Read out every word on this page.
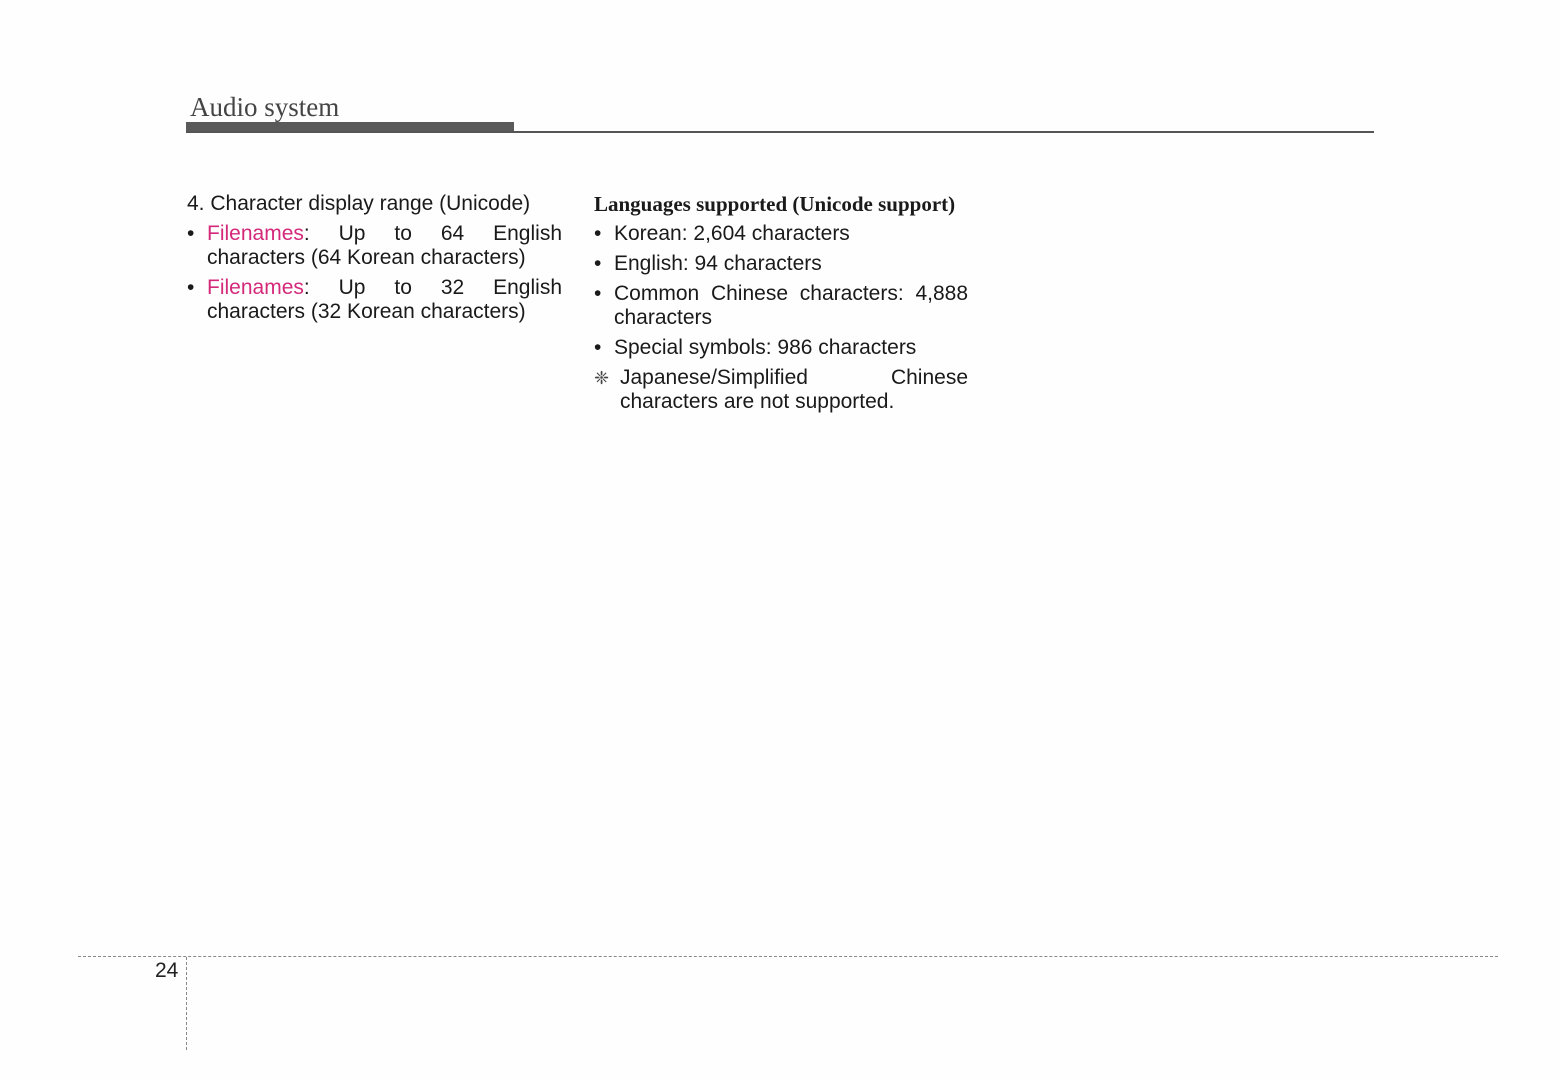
Audio system
4. Character display range (Unicode)
• Filenames: Up to 64 English characters (64 Korean characters)
• Filenames: Up to 32 English characters (32 Korean characters)
Languages supported (Unicode support)
• Korean: 2,604 characters
• English: 94 characters
• Common Chinese characters: 4,888 characters
• Special symbols: 986 characters
❈ Japanese/Simplified Chinese characters are not supported.
24
